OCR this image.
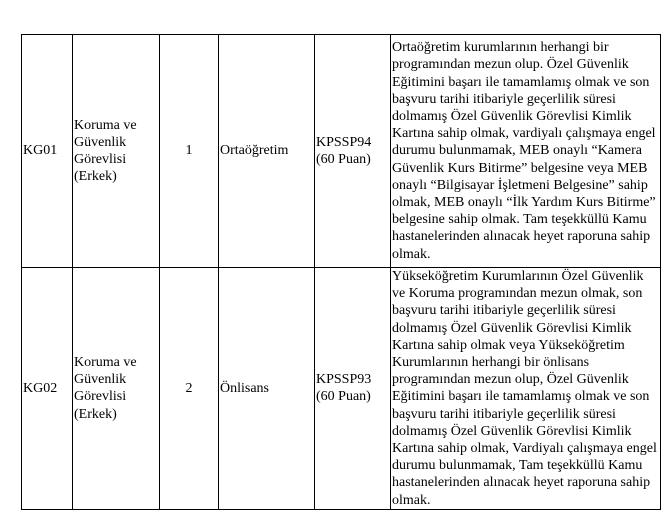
KG01	Koruma ve Güvenlik Görevlisi (Erkek)	1	Ortaöğretim	KPSSP94 (60 Puan)	Ortaöğretim kurumlarının herhangi bir programından mezun olup. Özel Güvenlik Eğitimini başarı ile tamamlamış olmak ve son başvuru tarihi itibariyle geçerlilik süresi dolmamış Özel Güvenlik Görevlisi Kimlik Kartına sahip olmak, vardiyalı çalışmaya engel durumu bulunmamak, MEB onaylı “Kamera Güvenlik Kurs Bitirme” belgesine veya MEB onaylı “Bilgisayar İşletmeni Belgesine” sahip olmak, MEB onaylı “İlk Yardım Kurs Bitirme” belgesine sahip olmak. Tam teşekküllü Kamu hastanelerinden alınacak heyet raporuna sahip olmak.
KG02	Koruma ve Güvenlik Görevlisi (Erkek)	2	Önlisans	KPSSP93 (60 Puan)	Yükseköğretim Kurumlarının Özel Güvenlik ve Koruma programından mezun olmak, son başvuru tarihi itibariyle geçerlilik süresi dolmamış Özel Güvenlik Görevlisi Kimlik Kartına sahip olmak veya Yükseköğretim Kurumlarının herhangi bir önlisans programından mezun olup, Özel Güvenlik Eğitimini başarı ile tamamlamış olmak ve son başvuru tarihi itibariyle geçerlilik süresi dolmamış Özel Güvenlik Görevlisi Kimlik Kartına sahip olmak, Vardiyalı çalışmaya engel durumu bulunmamak, Tam teşekküllü Kamu hastanelerinden alınacak heyet raporuna sahip olmak.
